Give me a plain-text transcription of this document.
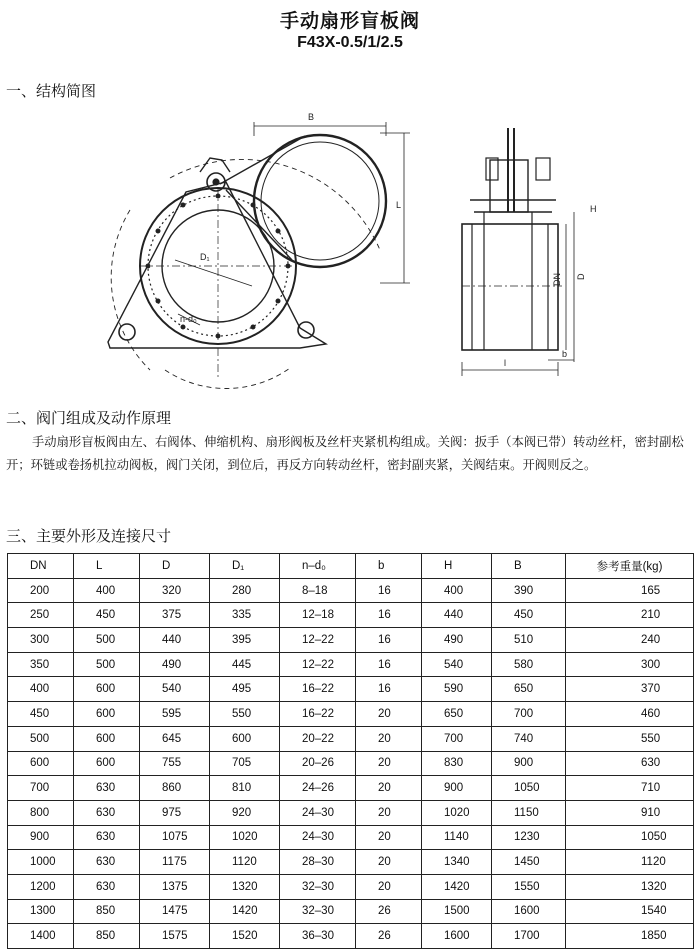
手动扇形盲板阀
F43X-0.5/1/2.5
一、结构简图
B
L
D₁
n-d₀
DN D
H
b
l
二、阀门组成及动作原理
手动扇形盲板阀由左、右阀体、伸缩机构、扇形阀板及丝杆夹紧机构组成。关阀：扳手（本阀已带）转动丝杆，密封副松开；环链或卷扬机拉动阀板，阀门关闭，到位后，再反方向转动丝杆，密封副夹紧，关阀结束。开阀则反之。
三、主要外形及连接尺寸
DN	L	D	D₁	n–d₀	b	H	B	参考重量(kg)
200	400	320	280	8–18	16	400	390	165
250	450	375	335	12–18	16	440	450	210
300	500	440	395	12–22	16	490	510	240
350	500	490	445	12–22	16	540	580	300
400	600	540	495	16–22	16	590	650	370
450	600	595	550	16–22	20	650	700	460
500	600	645	600	20–22	20	700	740	550
600	600	755	705	20–26	20	830	900	630
700	630	860	810	24–26	20	900	1050	710
800	630	975	920	24–30	20	1020	1150	910
900	630	1075	1020	24–30	20	1140	1230	1050
1000	630	1175	1120	28–30	20	1340	1450	1120
1200	630	1375	1320	32–30	20	1420	1550	1320
1300	850	1475	1420	32–30	26	1500	1600	1540
1400	850	1575	1520	36–30	26	1600	1700	1850
